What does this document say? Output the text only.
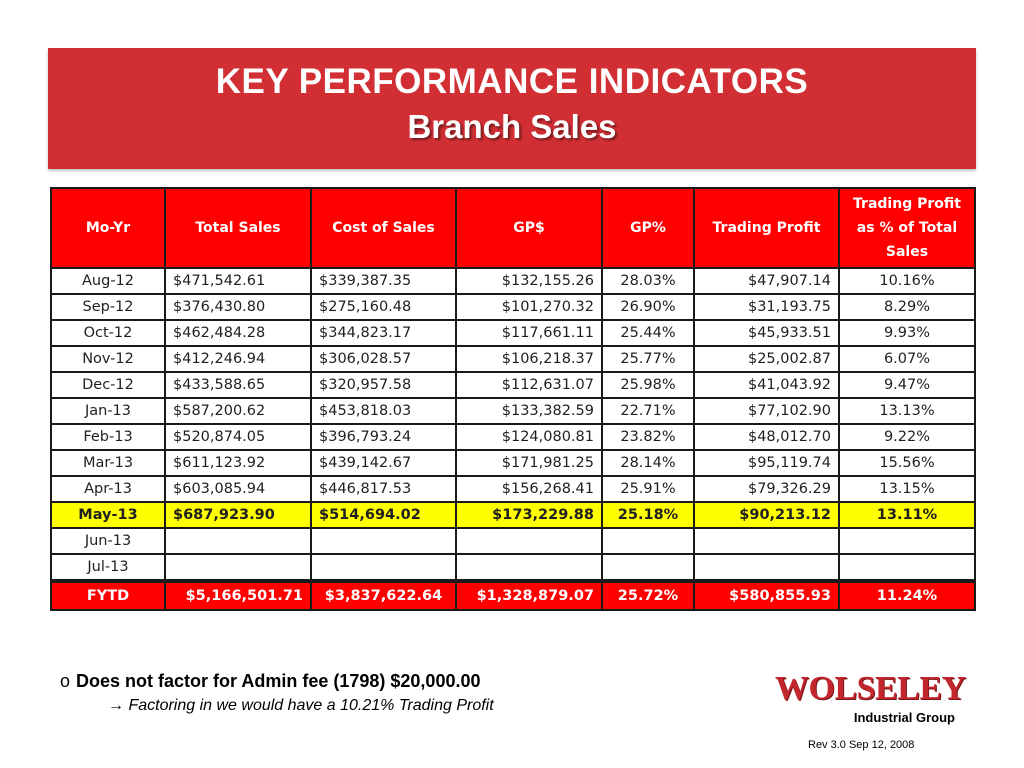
KEY PERFORMANCE INDICATORS
Branch Sales
Mo-Yr	Total Sales	Cost of Sales	GP$	GP%	Trading Profit	Trading Profit as % of Total Sales
Aug-12	$471,542.61	$339,387.35	$132,155.26	28.03%	$47,907.14	10.16%
Sep-12	$376,430.80	$275,160.48	$101,270.32	26.90%	$31,193.75	8.29%
Oct-12	$462,484.28	$344,823.17	$117,661.11	25.44%	$45,933.51	9.93%
Nov-12	$412,246.94	$306,028.57	$106,218.37	25.77%	$25,002.87	6.07%
Dec-12	$433,588.65	$320,957.58	$112,631.07	25.98%	$41,043.92	9.47%
Jan-13	$587,200.62	$453,818.03	$133,382.59	22.71%	$77,102.90	13.13%
Feb-13	$520,874.05	$396,793.24	$124,080.81	23.82%	$48,012.70	9.22%
Mar-13	$611,123.92	$439,142.67	$171,981.25	28.14%	$95,119.74	15.56%
Apr-13	$603,085.94	$446,817.53	$156,268.41	25.91%	$79,326.29	13.15%
May-13	$687,923.90	$514,694.02	$173,229.88	25.18%	$90,213.12	13.11%
Jun-13						
Jul-13						
FYTD	$5,166,501.71	$3,837,622.64	$1,328,879.07	25.72%	$580,855.93	11.24%
o Does not factor for Admin fee (1798) $20,000.00
→ Factoring in we would have a 10.21% Trading Profit	WOLSELEY
Industrial Group
Rev 3.0 Sep 12, 2008
